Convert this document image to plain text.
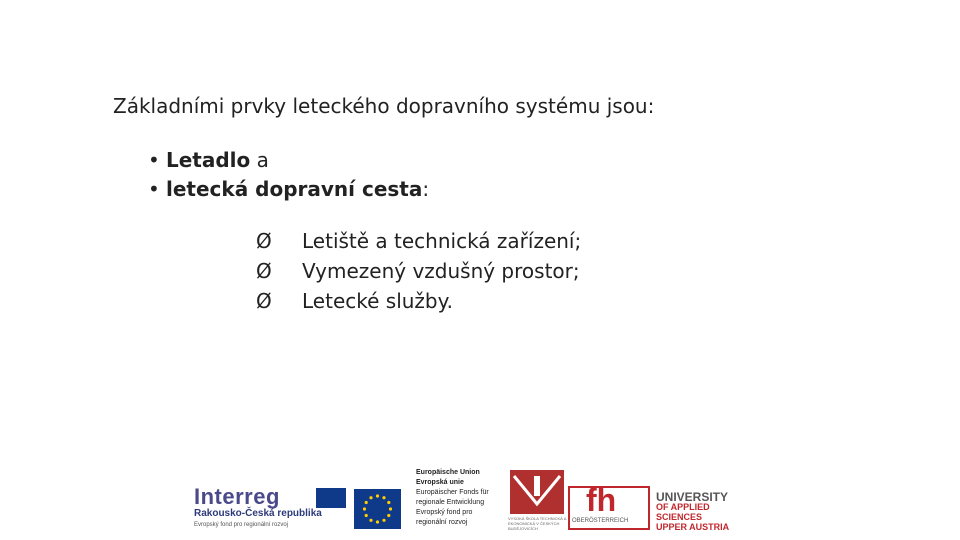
Základními prvky leteckého dopravního systému jsou:
• Letadlo a
• letecká dopravní cesta:
Ø Letiště a technická zařízení;
Ø Vymezený vzdušný prostor;
Ø Letecké služby.
Interreg
Rakousko-Česká republika
Evropský fond pro regionální rozvoj
Europäische Union
Evropská unie
Europäischer Fonds für
regionale Entwicklung
Evropský fond pro
regionální rozvoj
VYSOKÁ ŠKOLA TECHNICKÁ A EKONOMICKÁ V ČESKÝCH BUDĚJOVICÍCH
fh
OBERÖSTERREICH
UNIVERSITY
OF APPLIED SCIENCES
UPPER AUSTRIA
